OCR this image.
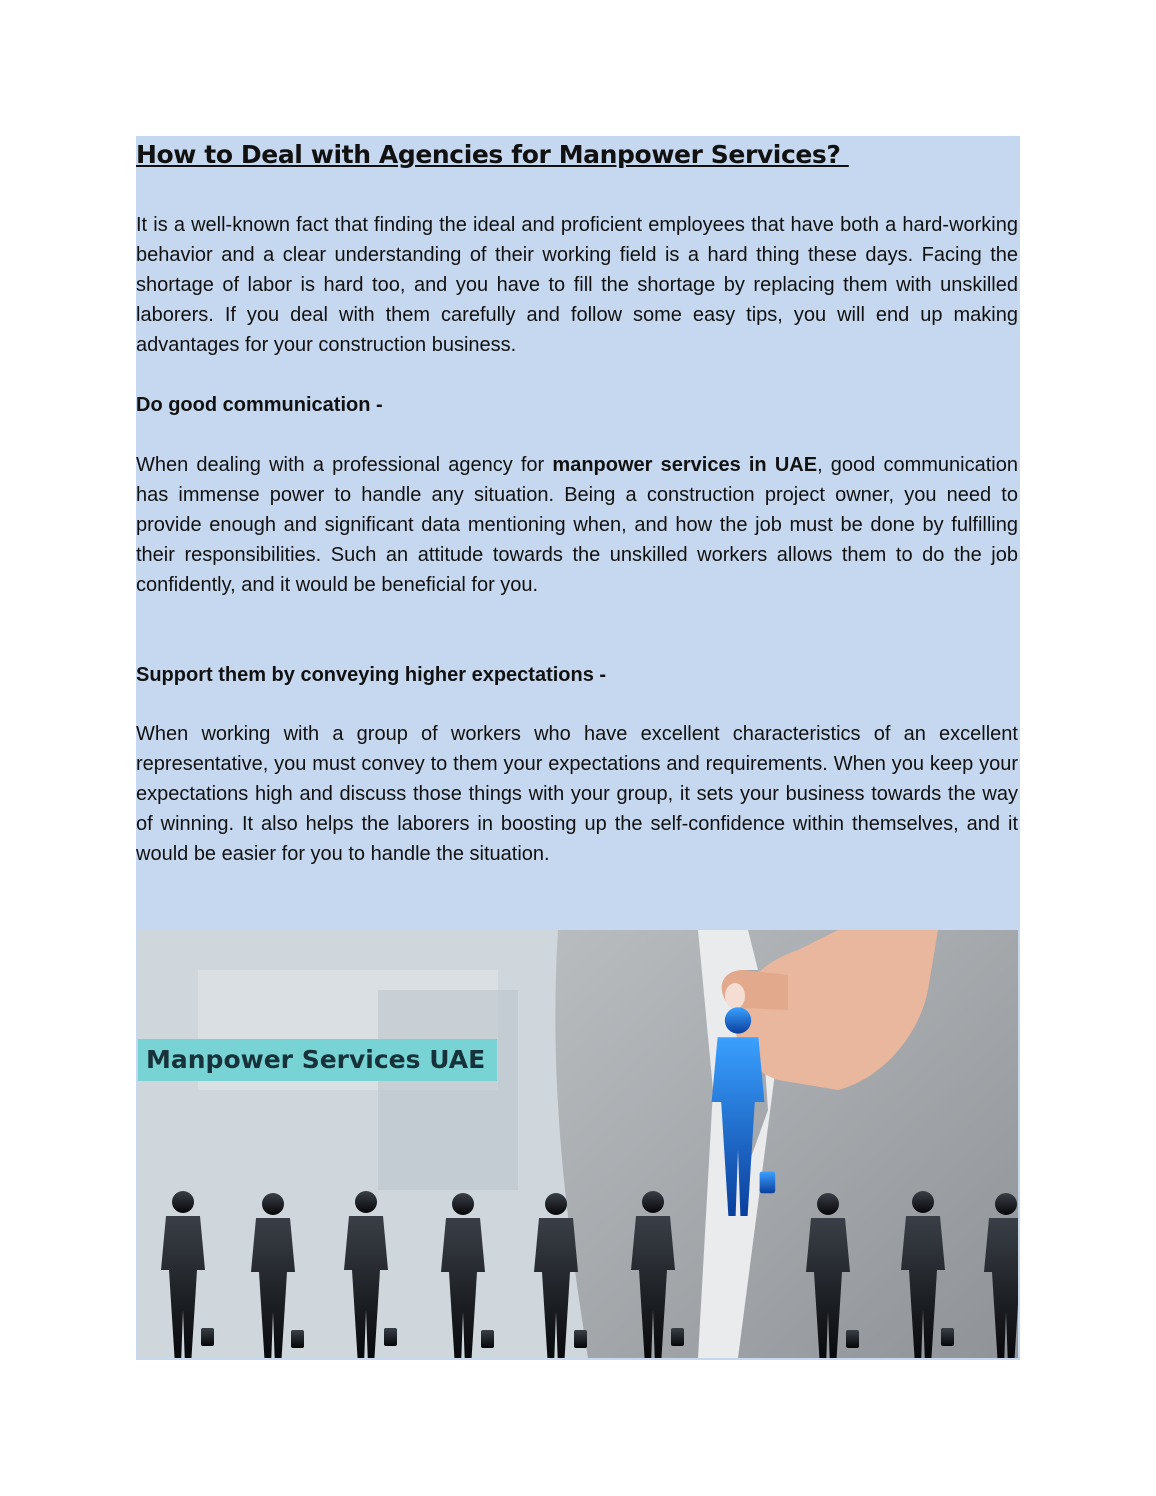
How to Deal with Agencies for Manpower Services?

It is a well-known fact that finding the ideal and proficient employees that have both a hard-working behavior and a clear understanding of their working field is a hard thing these days. Facing the shortage of labor is hard too, and you have to fill the shortage by replacing them with unskilled laborers. If you deal with them carefully and follow some easy tips, you will end up making advantages for your construction business.

Do good communication -

When dealing with a professional agency for manpower services in UAE, good communication has immense power to handle any situation. Being a construction project owner, you need to provide enough and significant data mentioning when, and how the job must be done by fulfilling their responsibilities. Such an attitude towards the unskilled workers allows them to do the job confidently, and it would be beneficial for you.

Support them by conveying higher expectations -

When working with a group of workers who have excellent characteristics of an excellent representative, you must convey to them your expectations and requirements. When you keep your expectations high and discuss those things with your group, it sets your business towards the way of winning. It also helps the laborers in boosting up the self-confidence within themselves, and it would be easier for you to handle the situation.

Manpower Services UAE
